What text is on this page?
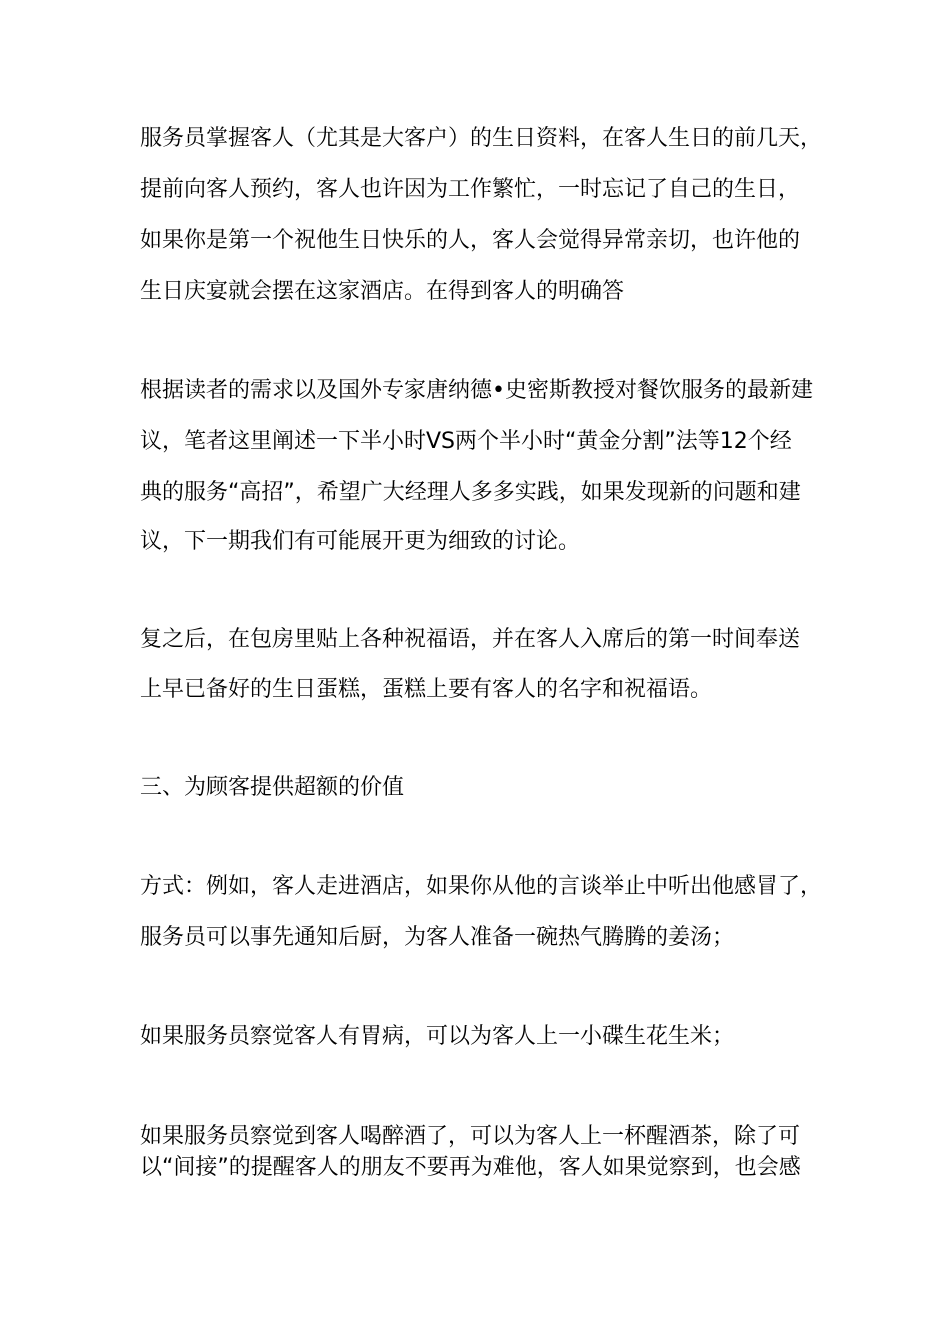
服务员掌握客人（尤其是大客户）的生日资料，在客人生日的前几天，
提前向客人预约，客人也许因为工作繁忙，一时忘记了自己的生日，
如果你是第一个祝他生日快乐的人，客人会觉得异常亲切，也许他的
生日庆宴就会摆在这家酒店。在得到客人的明确答
根据读者的需求以及国外专家唐纳德•史密斯教授对餐饮服务的最新建
议，笔者这里阐述一下半小时VS两个半小时“黄金分割”法等12个经
典的服务“高招”，希望广大经理人多多实践，如果发现新的问题和建
议，下一期我们有可能展开更为细致的讨论。
复之后，在包房里贴上各种祝福语，并在客人入席后的第一时间奉送
上早已备好的生日蛋糕，蛋糕上要有客人的名字和祝福语。
三、为顾客提供超额的价值
方式：例如，客人走进酒店，如果你从他的言谈举止中听出他感冒了，
服务员可以事先通知后厨，为客人准备一碗热气腾腾的姜汤；
如果服务员察觉客人有胃病，可以为客人上一小碟生花生米；
如果服务员察觉到客人喝醉酒了，可以为客人上一杯醒酒茶，除了可
以“间接”的提醒客人的朋友不要再为难他，客人如果觉察到，也会感
